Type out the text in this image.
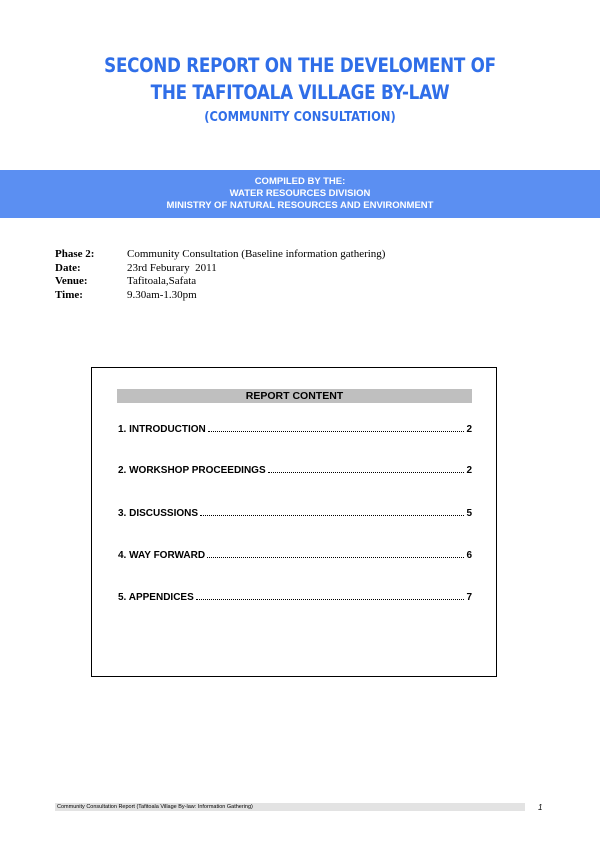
SECOND REPORT ON THE DEVELOMENT OF
THE TAFITOALA VILLAGE BY-LAW
(COMMUNITY CONSULTATION)
COMPILED BY THE:
WATER RESOURCES DIVISION
MINISTRY OF NATURAL RESOURCES AND ENVIRONMENT
Phase 2:	Community Consultation (Baseline information gathering)
Date:	23rd Feburary  2011
Venue:	Tafitoala,Safata
Time:	9.30am-1.30pm
REPORT CONTENT
1. INTRODUCTION	2
2. WORKSHOP PROCEEDINGS	2
3. DISCUSSIONS	5
4. WAY FORWARD	6
5. APPENDICES	7
Community Consultation Report (Tafitoala Village By-law: Information Gathering)	1
